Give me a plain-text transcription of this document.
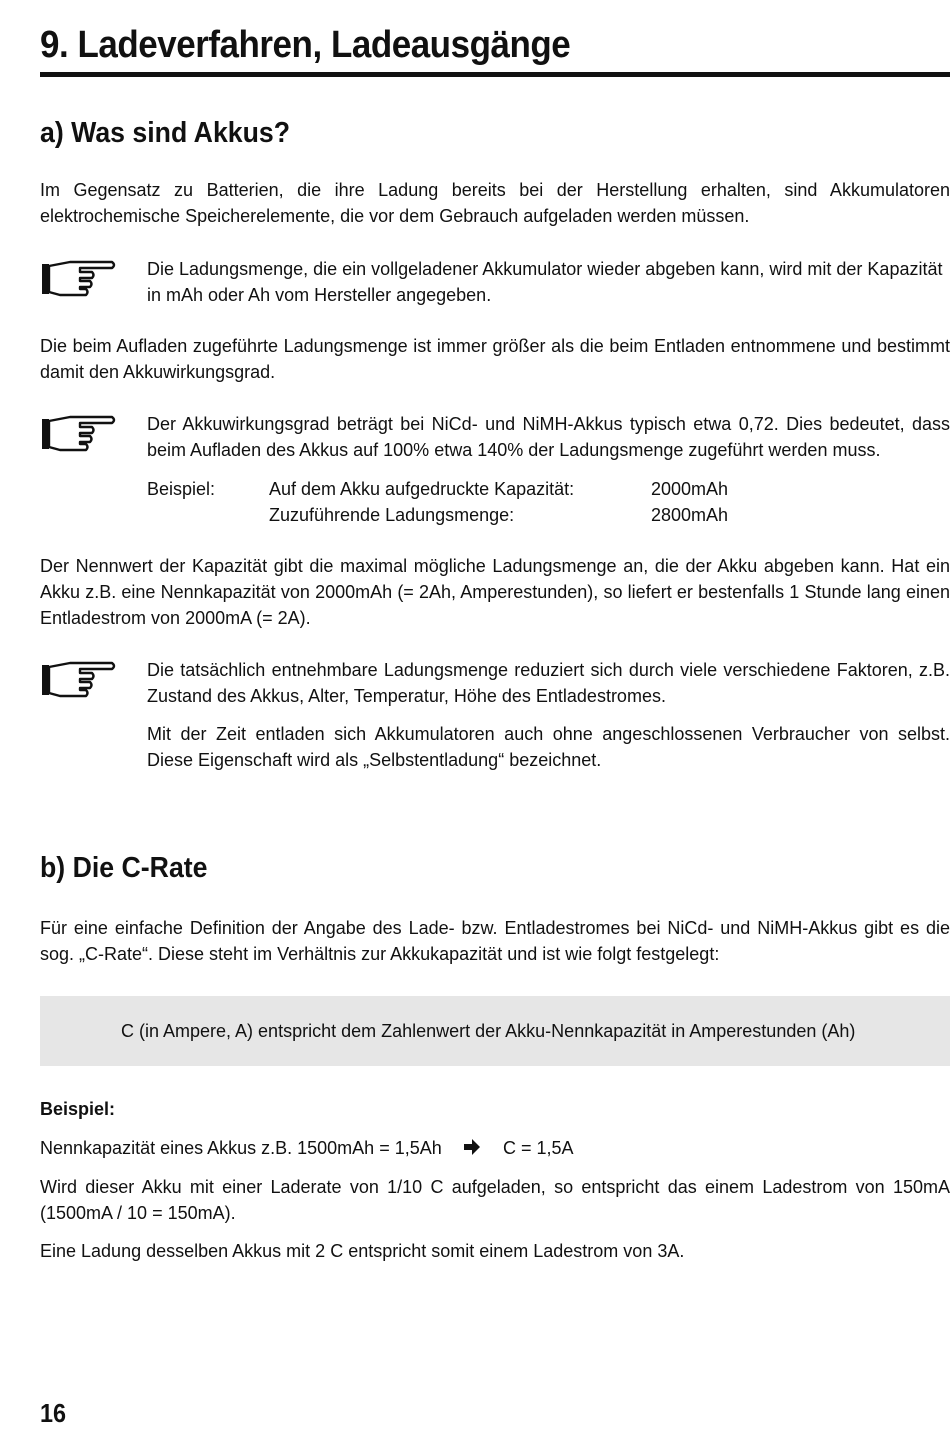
9. Ladeverfahren, Ladeausgänge
a) Was sind Akkus?

Im Gegensatz zu Batterien, die ihre Ladung bereits bei der Herstellung erhalten, sind Akkumulatoren elektrochemische Speicherelemente, die vor dem Gebrauch aufgeladen werden müssen.

Die Ladungsmenge, die ein vollgeladener Akkumulator wieder abgeben kann, wird mit der Kapazität in mAh oder Ah vom Hersteller angegeben.

Die beim Aufladen zugeführte Ladungsmenge ist immer größer als die beim Entladen entnommene und bestimmt damit den Akkuwirkungsgrad.

Der Akkuwirkungsgrad beträgt bei NiCd- und NiMH-Akkus typisch etwa 0,72. Dies bedeutet, dass beim Aufladen des Akkus auf 100% etwa 140% der Ladungsmenge zugeführt werden muss.

Beispiel:	Auf dem Akku aufgedruckte Kapazität:	2000mAh
Zuzuführende Ladungsmenge:	2800mAh

Der Nennwert der Kapazität gibt die maximal mögliche Ladungsmenge an, die der Akku abgeben kann. Hat ein Akku z.B. eine Nennkapazität von 2000mAh (= 2Ah, Amperestunden), so liefert er bestenfalls 1 Stunde lang einen Entladestrom von 2000mA (= 2A).

Die tatsächlich entnehmbare Ladungsmenge reduziert sich durch viele verschiedene Faktoren, z.B. Zustand des Akkus, Alter, Temperatur, Höhe des Entladestromes.

Mit der Zeit entladen sich Akkumulatoren auch ohne angeschlossenen Verbraucher von selbst. Diese Eigenschaft wird als „Selbstentladung“ bezeichnet.

b) Die C-Rate

Für eine einfache Definition der Angabe des Lade- bzw. Entladestromes bei NiCd- und NiMH-Akkus gibt es die sog. „C-Rate“. Diese steht im Verhältnis zur Akkukapazität und ist wie folgt festgelegt:

C (in Ampere, A) entspricht dem Zahlenwert der Akku-Nennkapazität in Amperestunden (Ah)

Beispiel:
Nennkapazität eines Akkus z.B. 1500mAh = 1,5Ah	C = 1,5A

Wird dieser Akku mit einer Laderate von 1/10 C aufgeladen, so entspricht das einem Ladestrom von 150mA (1500mA / 10 = 150mA).

Eine Ladung desselben Akkus mit 2 C entspricht somit einem Ladestrom von 3A.

16
